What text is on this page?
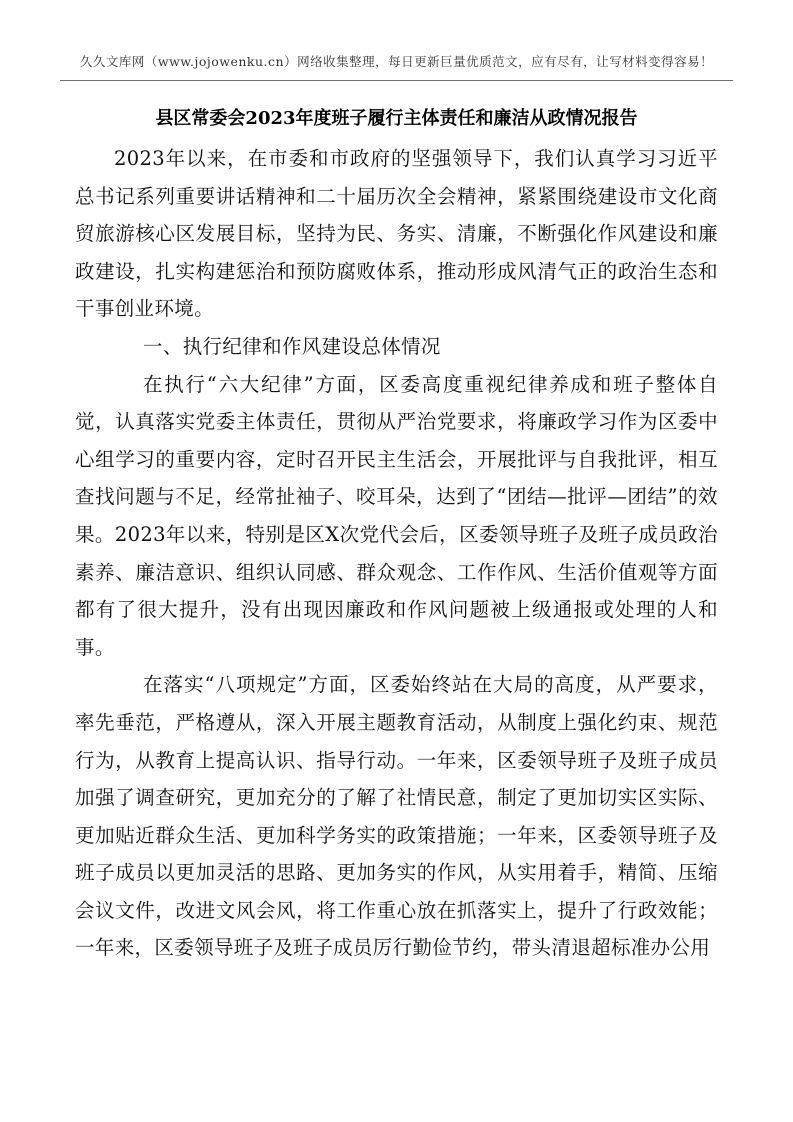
久久文库网（www.jojowenku.cn）网络收集整理，每日更新巨量优质范文，应有尽有，让写材料变得容易！
县区常委会2023年度班子履行主体责任和廉洁从政情况报告

2023年以来，在市委和市政府的坚强领导下，我们认真学习习近平总书记系列重要讲话精神和二十届历次全会精神，紧紧围绕建设市文化商贸旅游核心区发展目标，坚持为民、务实、清廉，不断强化作风建设和廉政建设，扎实构建惩治和预防腐败体系，推动形成风清气正的政治生态和干事创业环境。

一、执行纪律和作风建设总体情况

在执行“六大纪律”方面，区委高度重视纪律养成和班子整体自觉，认真落实党委主体责任，贯彻从严治党要求，将廉政学习作为区委中心组学习的重要内容，定时召开民主生活会，开展批评与自我批评，相互查找问题与不足，经常扯袖子、咬耳朵，达到了“团结—批评—团结”的效果。2023年以来，特别是区X次党代会后，区委领导班子及班子成员政治素养、廉洁意识、组织认同感、群众观念、工作作风、生活价值观等方面都有了很大提升，没有出现因廉政和作风问题被上级通报或处理的人和事。

在落实“八项规定”方面，区委始终站在大局的高度，从严要求，率先垂范，严格遵从，深入开展主题教育活动，从制度上强化约束、规范行为，从教育上提高认识、指导行动。一年来，区委领导班子及班子成员加强了调查研究，更加充分的了解了社情民意，制定了更加切实区实际、更加贴近群众生活、更加科学务实的政策措施；一年来，区委领导班子及班子成员以更加灵活的思路、更加务实的作风，从实用着手，精简、压缩会议文件，改进文风会风，将工作重心放在抓落实上，提升了行政效能；一年来，区委领导班子及班子成员厉行勤俭节约，带头清退超标准办公用
